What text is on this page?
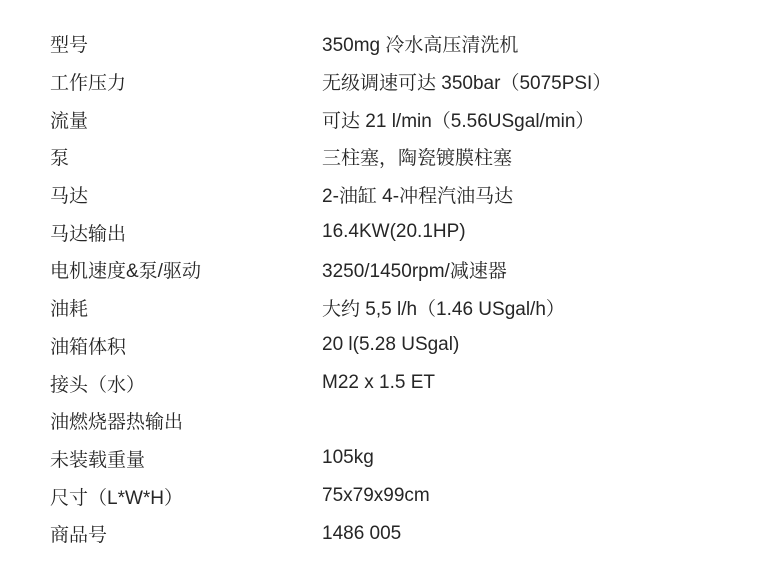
型号	350mg 冷水高压清洗机
工作压力	无级调速可达 350bar（5075PSI）
流量	可达 21 l/min（5.56USgal/min）
泵	三柱塞，陶瓷镀膜柱塞
马达	2-油缸 4-冲程汽油马达
马达输出	16.4KW(20.1HP)
电机速度&泵/驱动	3250/1450rpm/减速器
油耗	大约 5,5 l/h（1.46 USgal/h）
油箱体积	20 l(5.28 USgal)
接头（水）	M22 x 1.5 ET
油燃烧器热输出
未装载重量	105kg
尺寸（L*W*H）	75x79x99cm
商品号	1486 005
